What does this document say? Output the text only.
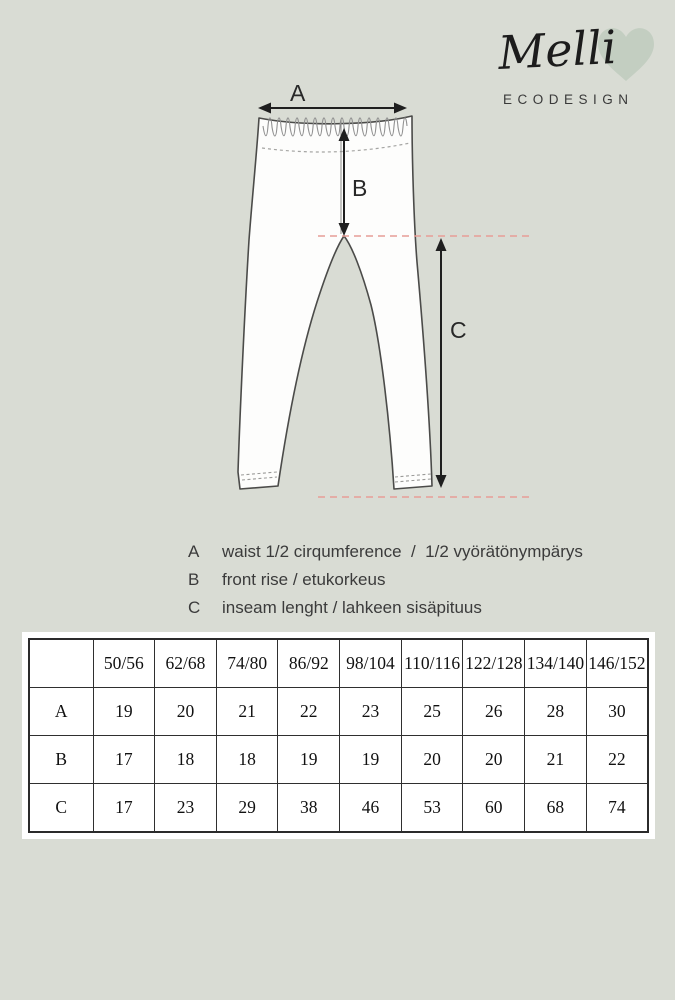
Melli
ECODESIGN
A
B
C
A	waist 1/2 cirqumference  /  1/2 vyörätönympärys
B	front rise / etukorkeus
C	inseam lenght / lahkeen sisäpituus
	50/56	62/68	74/80	86/92	98/104	110/116	122/128	134/140	146/152
A	19	20	21	22	23	25	26	28	30
B	17	18	18	19	19	20	20	21	22
C	17	23	29	38	46	53	60	68	74
